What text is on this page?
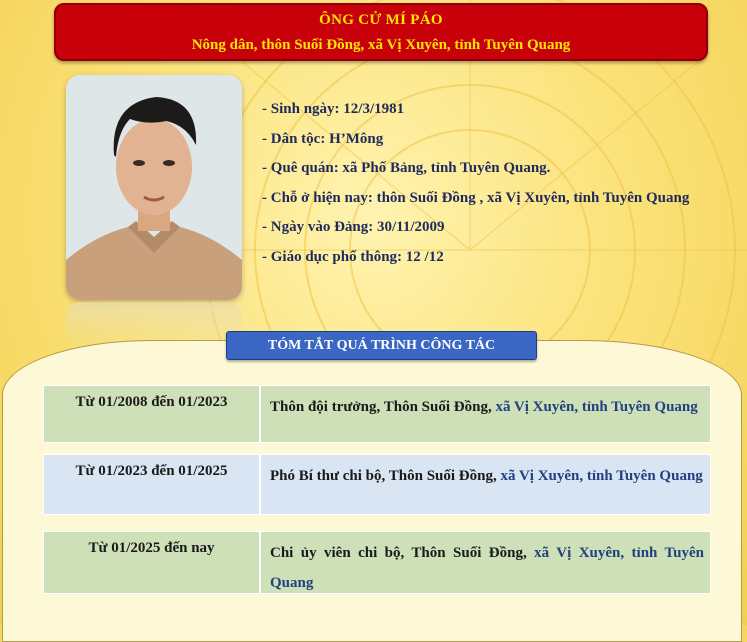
ÔNG CỬ MÍ PÁO
Nông dân, thôn Suối Đồng, xã Vị Xuyên, tỉnh Tuyên Quang
- Sinh ngày: 12/3/1981
- Dân tộc: H’Mông
- Quê quán: xã Phố Bảng, tỉnh Tuyên Quang.
- Chỗ ở hiện nay: thôn Suối Đồng , xã Vị Xuyên, tỉnh Tuyên Quang
- Ngày vào Đảng: 30/11/2009
- Giáo dục phổ thông: 12 /12
TÓM TẮT QUÁ TRÌNH CÔNG TÁC
Từ 01/2008 đến 01/2023	Thôn đội trưởng, Thôn Suối Đồng, xã Vị Xuyên, tỉnh Tuyên Quang
Từ 01/2023 đến 01/2025	Phó Bí thư chi bộ, Thôn Suối Đồng, xã Vị Xuyên, tỉnh Tuyên Quang
Từ 01/2025 đến nay	Chi ủy viên chi bộ, Thôn Suối Đồng, xã Vị Xuyên, tỉnh Tuyên Quang
